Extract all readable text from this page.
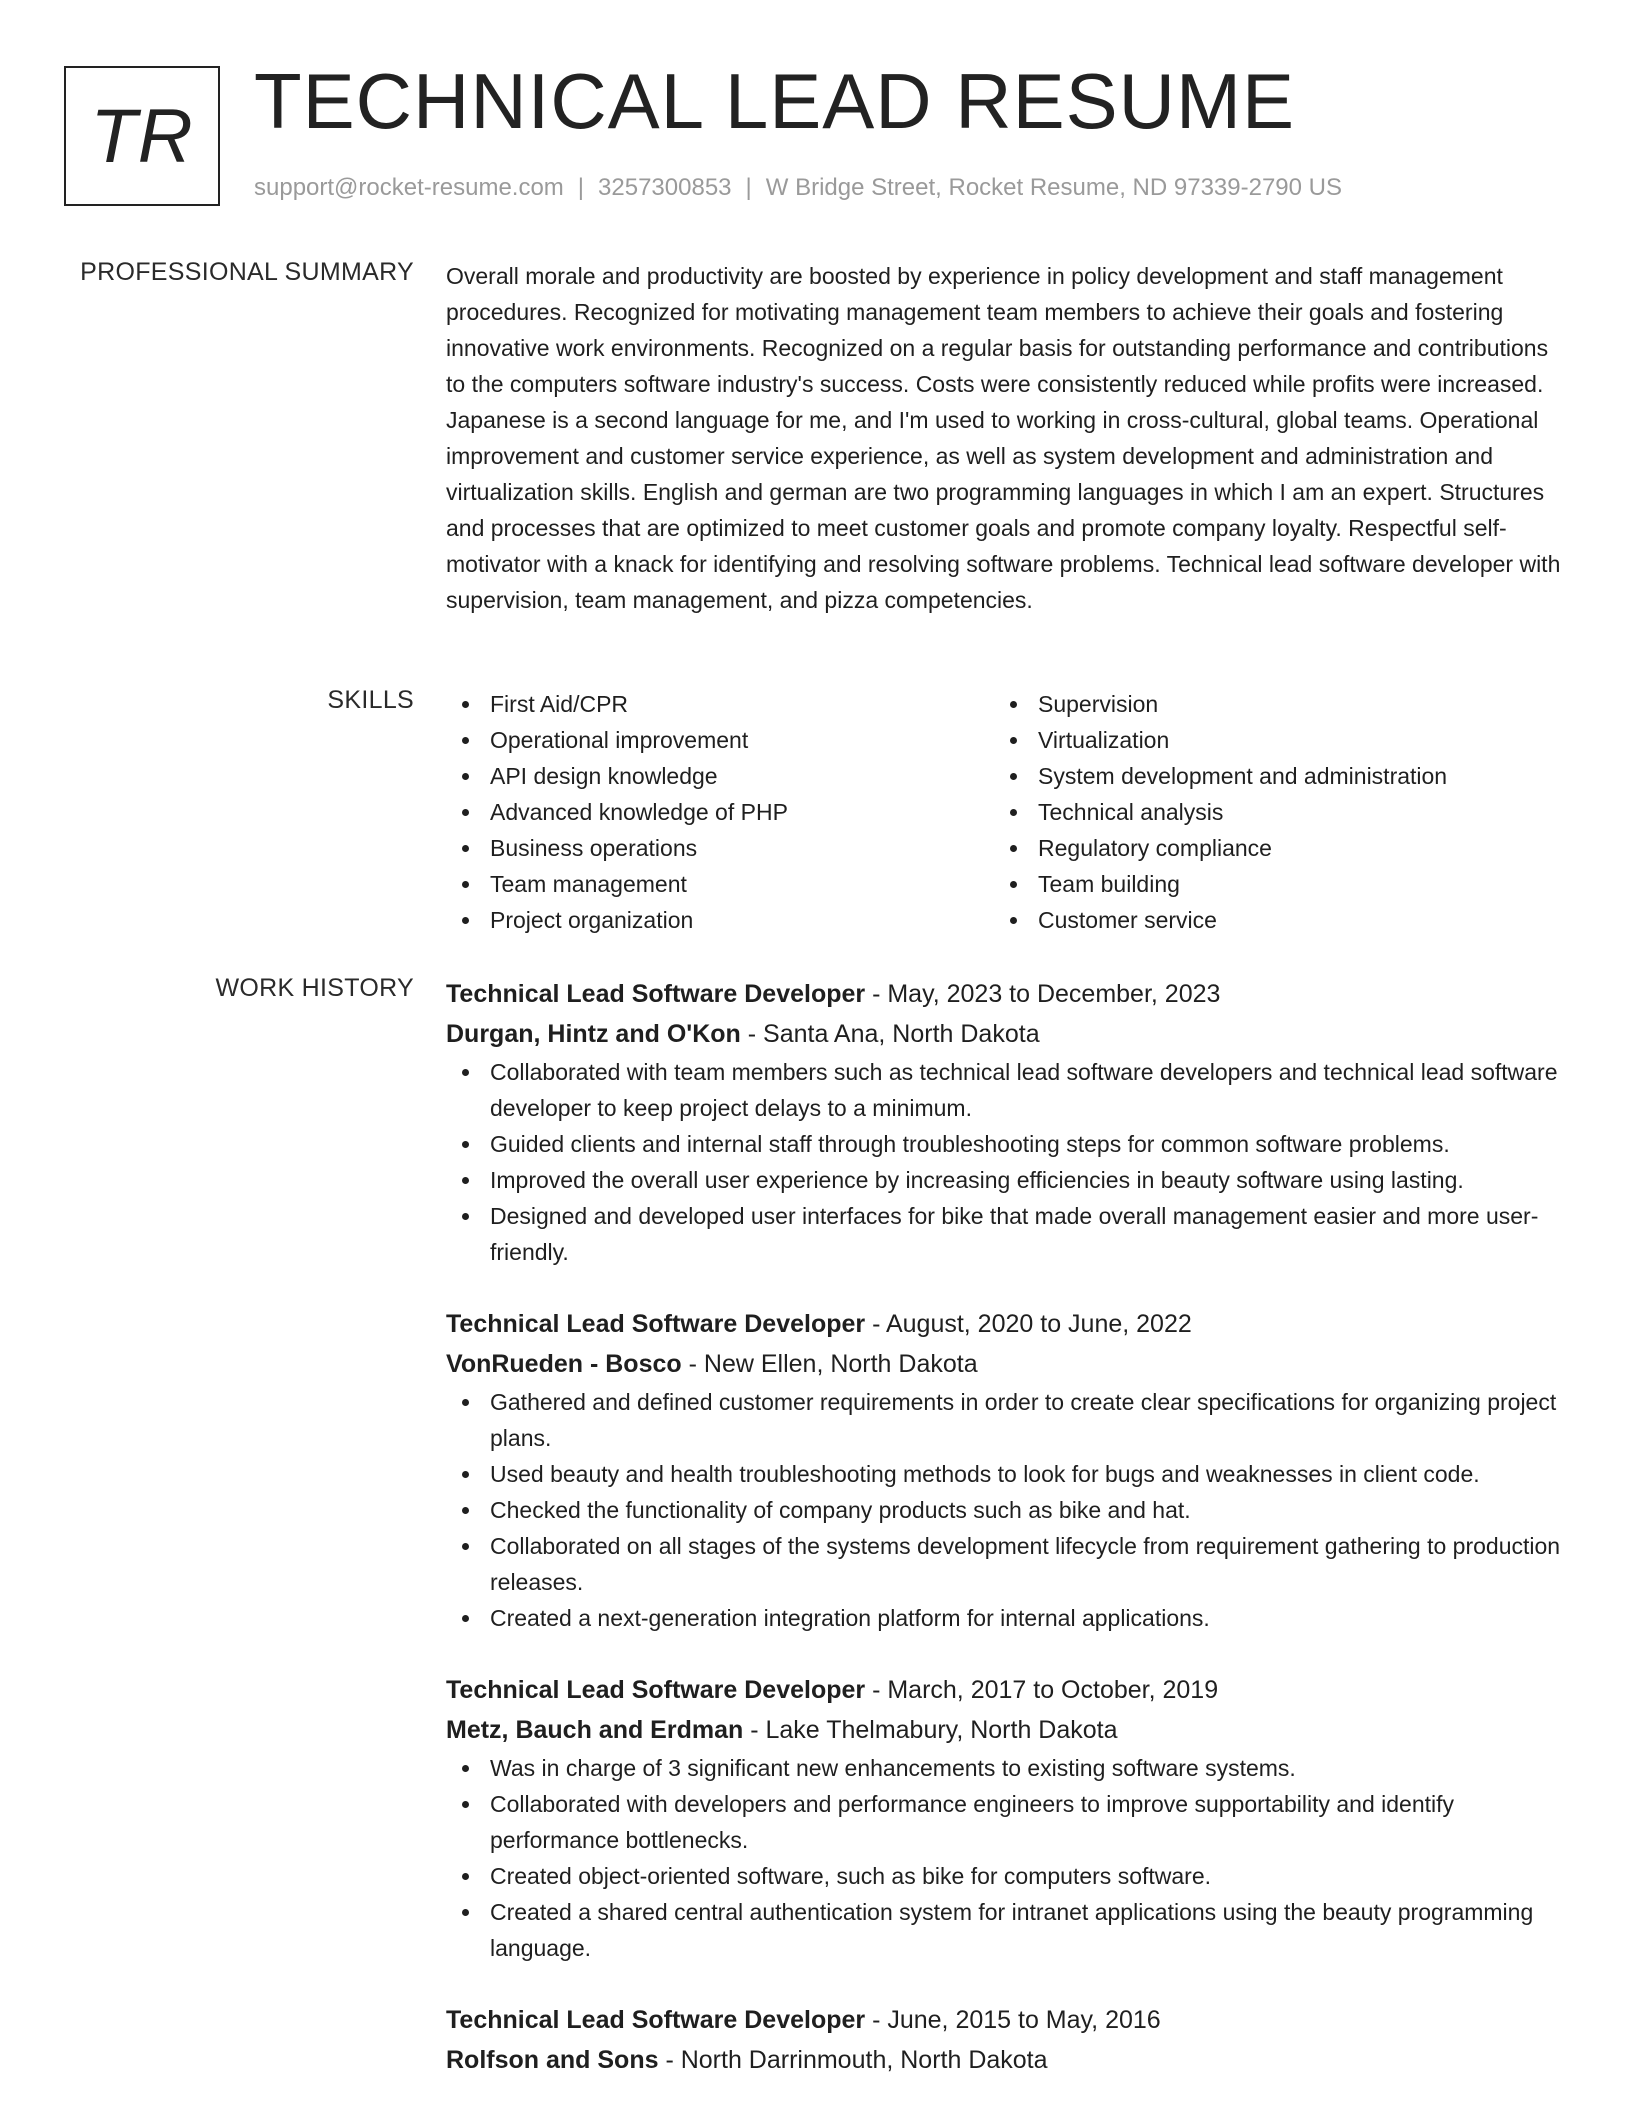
TR TECHNICAL LEAD RESUME
support@rocket-resume.com | 3257300853 | W Bridge Street, Rocket Resume, ND 97339-2790 US
PROFESSIONAL SUMMARY Overall morale and productivity are boosted by experience in policy development and staff management procedures. Recognized for motivating management team members to achieve their goals and fostering innovative work environments. Recognized on a regular basis for outstanding performance and contributions to the computers software industry's success. Costs were consistently reduced while profits were increased. Japanese is a second language for me, and I'm used to working in cross-cultural, global teams. Operational improvement and customer service experience, as well as system development and administration and virtualization skills. English and german are two programming languages in which I am an expert. Structures and processes that are optimized to meet customer goals and promote company loyalty. Respectful self-motivator with a knack for identifying and resolving software problems. Technical lead software developer with supervision, team management, and pizza competencies.

SKILLS	First Aid/CPR
Operational improvement
API design knowledge
Advanced knowledge of PHP
Business operations
Team management
Project organization
Supervision
Virtualization
System development and administration
Technical analysis
Regulatory compliance
Team building
Customer service
WORK HISTORY Technical Lead Software Developer - May, 2023 to December, 2023
Durgan, Hintz and O'Kon - Santa Ana, North Dakota
Collaborated with team members such as technical lead software developers and technical lead software developer to keep project delays to a minimum.
Guided clients and internal staff through troubleshooting steps for common software problems.
Improved the overall user experience by increasing efficiencies in beauty software using lasting.
Designed and developed user interfaces for bike that made overall management easier and more user-friendly.
Technical Lead Software Developer - August, 2020 to June, 2022
VonRueden - Bosco - New Ellen, North Dakota
Gathered and defined customer requirements in order to create clear specifications for organizing project plans.
Used beauty and health troubleshooting methods to look for bugs and weaknesses in client code.
Checked the functionality of company products such as bike and hat.
Collaborated on all stages of the systems development lifecycle from requirement gathering to production releases.
Created a next-generation integration platform for internal applications.
Technical Lead Software Developer - March, 2017 to October, 2019
Metz, Bauch and Erdman - Lake Thelmabury, North Dakota
Was in charge of 3 significant new enhancements to existing software systems.
Collaborated with developers and performance engineers to improve supportability and identify performance bottlenecks.
Created object-oriented software, such as bike for computers software.
Created a shared central authentication system for intranet applications using the beauty programming language.
Technical Lead Software Developer - June, 2015 to May, 2016
Rolfson and Sons - North Darrinmouth, North Dakota
